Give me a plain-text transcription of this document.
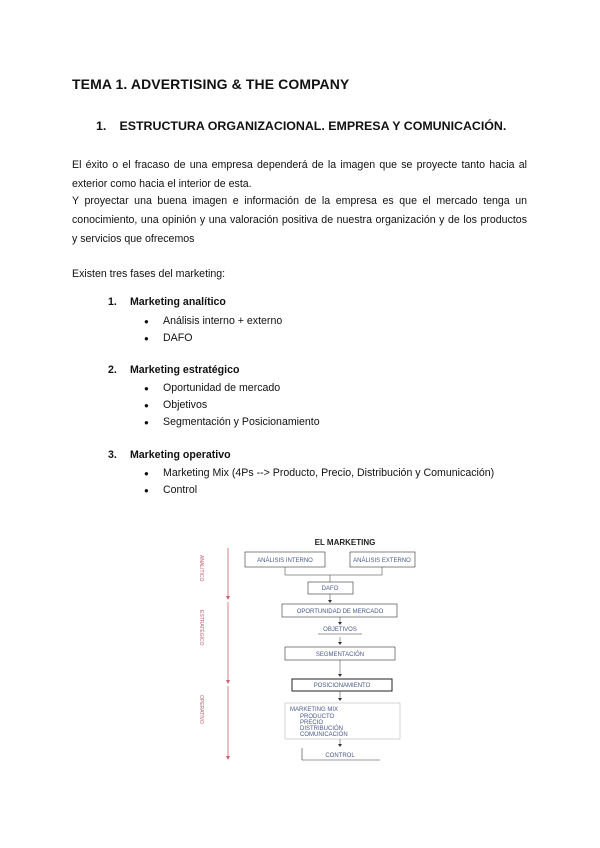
TEMA 1. ADVERTISING & THE COMPANY
1. ESTRUCTURA ORGANIZACIONAL. EMPRESA Y COMUNICACIÓN.
El éxito o el fracaso de una empresa dependerá de la imagen que se proyecte tanto hacia al exterior como hacia el interior de esta.
Y proyectar una buena imagen e información de la empresa es que el mercado tenga un conocimiento, una opinión y una valoración positiva de nuestra organización y de los productos y servicios que ofrecemos
Existen tres fases del marketing:
1. Marketing analítico
● Análisis interno + externo
● DAFO
2. Marketing estratégico
● Oportunidad de mercado
● Objetivos
● Segmentación y Posicionamiento
3. Marketing operativo
● Marketing Mix (4Ps --> Producto, Precio, Distribución y Comunicación)
● Control
EL MARKETING
ANALÍTICO
ESTRATÉGICO
OPERATIVO
ANÁLISIS INTERNO	ANÁLISIS EXTERNO
DAFO
OPORTUNIDAD DE MERCADO
OBJETIVOS
SEGMENTACIÓN
POSICIONAMIENTO
MARKETING MIX
PRODUCTO
PRECIO
DISTRIBUCIÓN
COMUNICACIÓN
CONTROL
